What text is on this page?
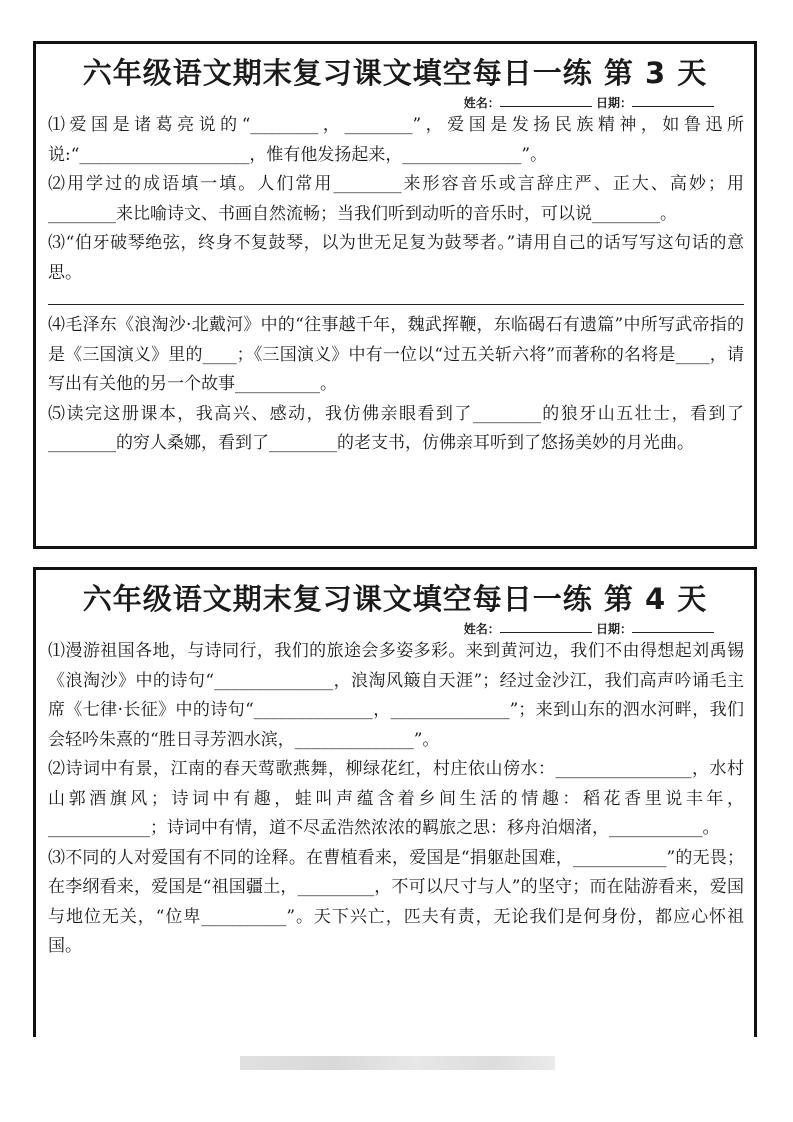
六年级语文期末复习课文填空每日一练 第 3 天
姓名：	日期：

⑴爱国是诸葛亮说的“________，________”，爱国是发扬民族精神，如鲁迅所说:“____________________，惟有他发扬起来，______________”。

⑵用学过的成语填一填。人们常用________来形容音乐或言辞庄严、正大、高妙；用________来比喻诗文、书画自然流畅；当我们听到动听的音乐时，可以说________。

⑶“伯牙破琴绝弦，终身不复鼓琴，以为世无足复为鼓琴者。”请用自己的话写写这句话的意思。

⑷毛泽东《浪淘沙·北戴河》中的“往事越千年，魏武挥鞭，东临碣石有遗篇”中所写武帝指的是《三国演义》里的____；《三国演义》中有一位以“过五关斩六将”而著称的名将是____，请写出有关他的另一个故事__________。

⑸读完这册课本，我高兴、感动，我仿佛亲眼看到了________的狼牙山五壮士，看到了________的穷人桑娜，看到了________的老支书，仿佛亲耳听到了悠扬美妙的月光曲。

六年级语文期末复习课文填空每日一练 第 4 天
姓名：	日期：

⑴漫游祖国各地，与诗同行，我们的旅途会多姿多彩。来到黄河边，我们不由得想起刘禹锡《浪淘沙》中的诗句“______________，浪淘风簸自天涯”；经过金沙江，我们高声吟诵毛主席《七律·长征》中的诗句“______________，______________”；来到山东的泗水河畔，我们会轻吟朱熹的“胜日寻芳泗水滨，______________”。

⑵诗词中有景，江南的春天莺歌燕舞，柳绿花红，村庄依山傍水：________________，水村山郭酒旗风；诗词中有趣，蛙叫声蕴含着乡间生活的情趣：稻花香里说丰年，____________；诗词中有情，道不尽孟浩然浓浓的羁旅之思：移舟泊烟渚，___________。

⑶不同的人对爱国有不同的诠释。在曹植看来，爱国是“捐躯赴国难，___________”的无畏；在李纲看来，爱国是“祖国疆土，_________，不可以尺寸与人”的坚守；而在陆游看来，爱国与地位无关，“位卑__________”。天下兴亡，匹夫有责，无论我们是何身份，都应心怀祖国。
